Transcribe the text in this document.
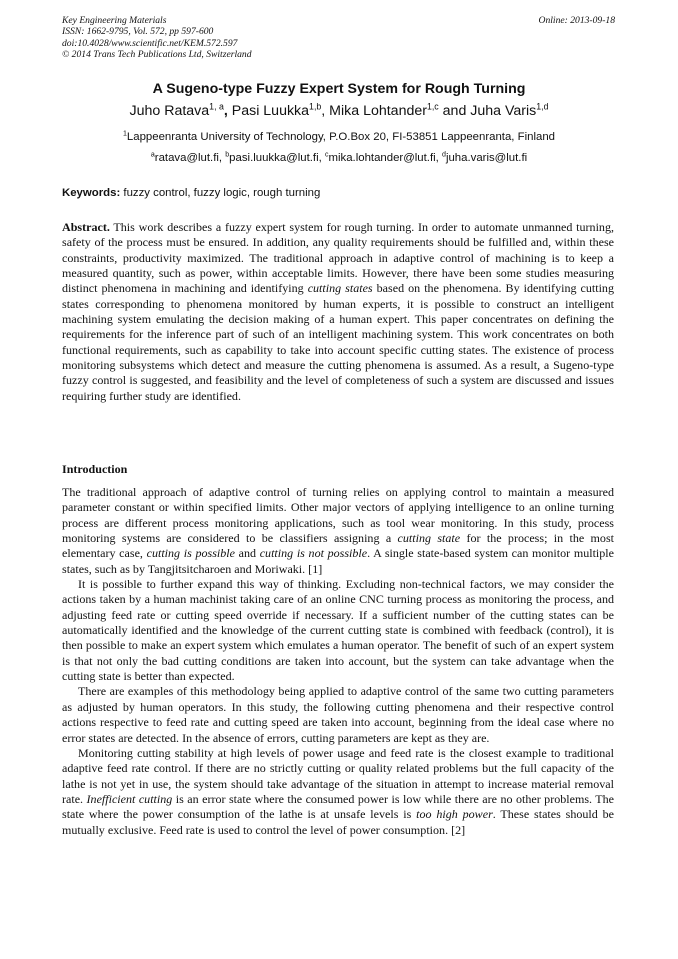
Key Engineering Materials
ISSN: 1662-9795, Vol. 572, pp 597-600
doi:10.4028/www.scientific.net/KEM.572.597
© 2014 Trans Tech Publications Ltd, Switzerland
Online: 2013-09-18
A Sugeno-type Fuzzy Expert System for Rough Turning
Juho Ratava$^{1, a}$, Pasi Luukka$^{1,b}$, Mika Lohtander$^{1,c}$ and Juha Varis$^{1,d}$
$^1$Lappeenranta University of Technology, P.O.Box 20, FI-53851 Lappeenranta, Finland
$^a$ratava@lut.fi, $^b$pasi.luukka@lut.fi, $^c$mika.lohtander@lut.fi, $^d$juha.varis@lut.fi
Keywords: fuzzy control, fuzzy logic, rough turning

Abstract. This work describes a fuzzy expert system for rough turning. In order to automate unmanned turning, safety of the process must be ensured. In addition, any quality requirements should be fulfilled and, within these constraints, productivity maximized. The traditional approach in adaptive control of machining is to keep a measured quantity, such as power, within acceptable limits. However, there have been some studies measuring distinct phenomena in machining and identifying cutting states based on the phenomena. By identifying cutting states corresponding to phenomena monitored by human experts, it is possible to construct an intelligent machining system emulating the decision making of a human expert. This paper concentrates on defining the requirements for the inference part of such of an intelligent machining system. This work concentrates on both functional requirements, such as capability to take into account specific cutting states. The existence of process monitoring subsystems which detect and measure the cutting phenomena is assumed. As a result, a Sugeno-type fuzzy control is suggested, and feasibility and the level of completeness of such a system are discussed and issues requiring further study are identified.

Introduction

The traditional approach of adaptive control of turning relies on applying control to maintain a measured parameter constant or within specified limits. Other major vectors of applying intelligence to an online turning process are different process monitoring applications, such as tool wear monitoring. In this study, process monitoring systems are considered to be classifiers assigning a cutting state for the process; in the most elementary case, cutting is possible and cutting is not possible. A single state-based system can monitor multiple states, such as by Tangjitsitcharoen and Moriwaki. [1]

It is possible to further expand this way of thinking. Excluding non-technical factors, we may consider the actions taken by a human machinist taking care of an online CNC turning process as monitoring the process, and adjusting feed rate or cutting speed override if necessary. If a sufficient number of the cutting states can be automatically identified and the knowledge of the current cutting state is combined with feedback (control), it is then possible to make an expert system which emulates a human operator. The benefit of such of an expert system is that not only the bad cutting conditions are taken into account, but the system can take advantage when the cutting state is better than expected.

There are examples of this methodology being applied to adaptive control of the same two cutting parameters as adjusted by human operators. In this study, the following cutting phenomena and their respective control actions respective to feed rate and cutting speed are taken into account, beginning from the ideal case where no error states are detected. In the absence of errors, cutting parameters are kept as they are.

Monitoring cutting stability at high levels of power usage and feed rate is the closest example to traditional adaptive feed rate control. If there are no strictly cutting or quality related problems but the full capacity of the lathe is not yet in use, the system should take advantage of the situation in attempt to increase material removal rate. Inefficient cutting is an error state where the consumed power is low while there are no other problems. The state where the power consumption of the lathe is at unsafe levels is too high power. These states should be mutually exclusive. Feed rate is used to control the level of power consumption. [2]
